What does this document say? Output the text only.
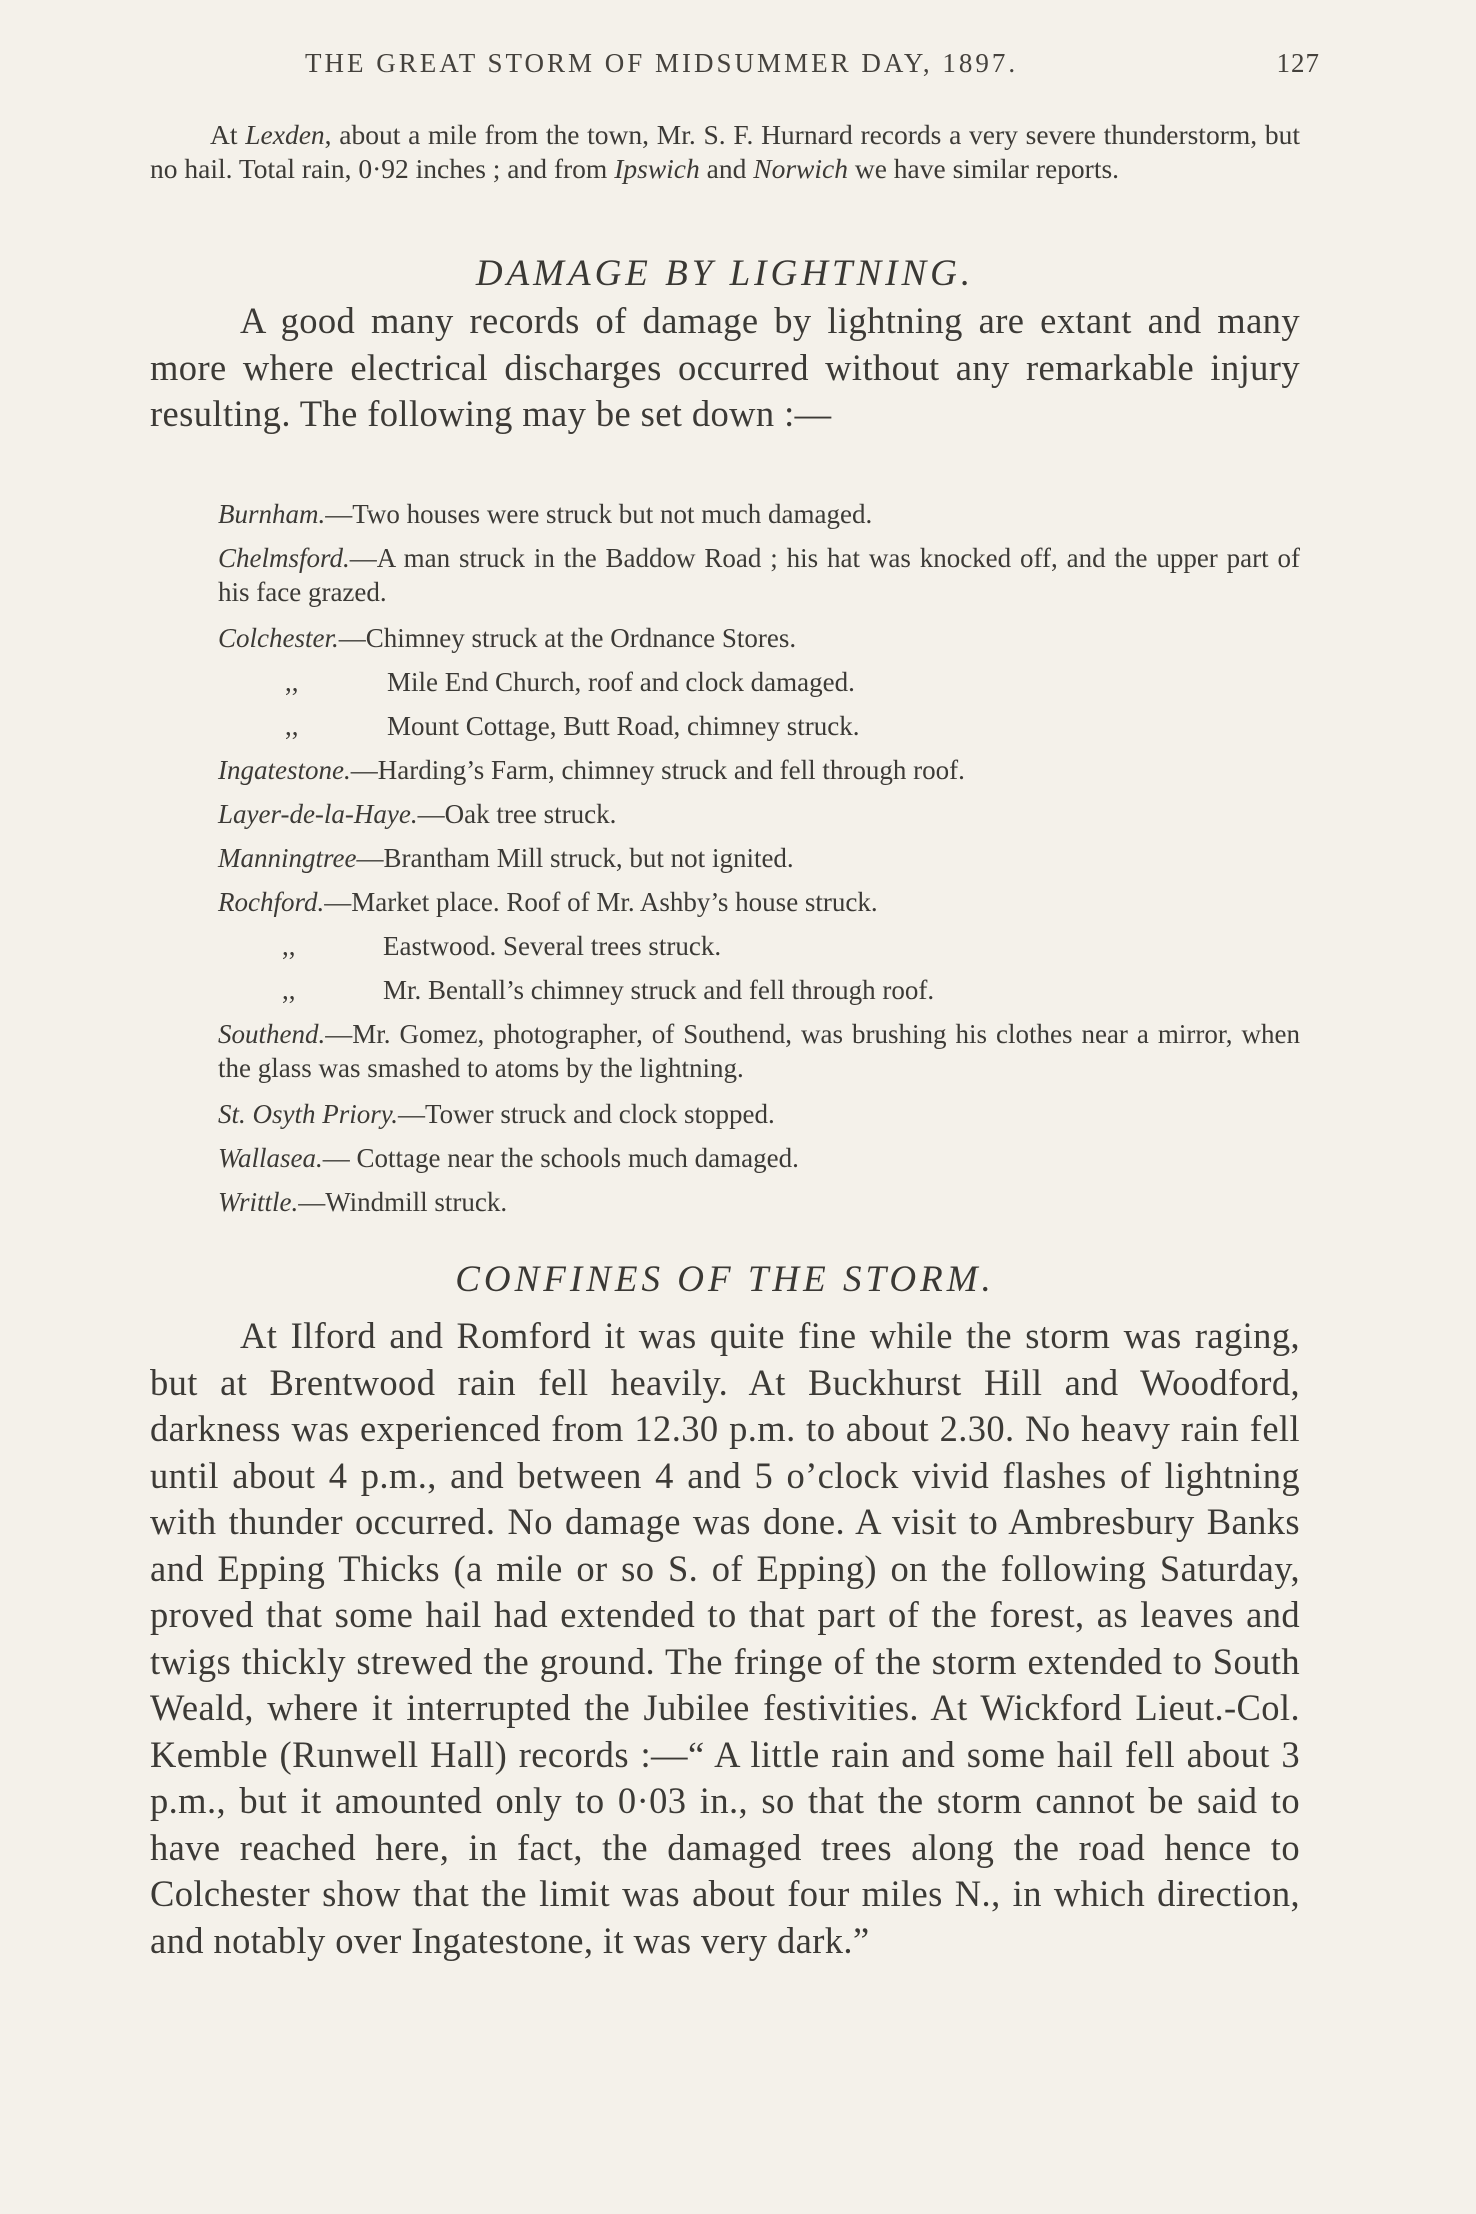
THE GREAT STORM OF MIDSUMMER DAY, 1897.	127

At Lexden, about a mile from the town, Mr. S. F. Hurnard records a very severe thunderstorm, but no hail. Total rain, 0·92 inches ; and from Ipswich and Norwich we have similar reports.

DAMAGE BY LIGHTNING.

A good many records of damage by lightning are extant and many more where electrical discharges occurred without any remarkable injury resulting. The following may be set down :—

Burnham.—Two houses were struck but not much damaged.
Chelmsford.—A man struck in the Baddow Road ; his hat was knocked off, and the upper part of his face grazed.
Colchester.—Chimney struck at the Ordnance Stores.
,,	Mile End Church, roof and clock damaged.
,,	Mount Cottage, Butt Road, chimney struck.
Ingatestone.—Harding’s Farm, chimney struck and fell through roof.
Layer-de-la-Haye.—Oak tree struck.
Manningtree—Brantham Mill struck, but not ignited.
Rochford.—Market place. Roof of Mr. Ashby’s house struck.
,,	Eastwood. Several trees struck.
,,	Mr. Bentall’s chimney struck and fell through roof.
Southend.—Mr. Gomez, photographer, of Southend, was brushing his clothes near a mirror, when the glass was smashed to atoms by the lightning.
St. Osyth Priory.—Tower struck and clock stopped.
Wallasea.— Cottage near the schools much damaged.
Writtle.—Windmill struck.
CONFINES OF THE STORM.

At Ilford and Romford it was quite fine while the storm was raging, but at Brentwood rain fell heavily. At Buckhurst Hill and Woodford, darkness was experienced from 12.30 p.m. to about 2.30. No heavy rain fell until about 4 p.m., and between 4 and 5 o’clock vivid flashes of lightning with thunder occurred. No damage was done. A visit to Ambresbury Banks and Epping Thicks (a mile or so S. of Epping) on the following Saturday, proved that some hail had extended to that part of the forest, as leaves and twigs thickly strewed the ground. The fringe of the storm extended to South Weald, where it interrupted the Jubilee festivities. At Wickford Lieut.-Col. Kemble (Runwell Hall) records :—“ A little rain and some hail fell about 3 p.m., but it amounted only to 0·03 in., so that the storm cannot be said to have reached here, in fact, the damaged trees along the road hence to Colchester show that the limit was about four miles N., in which direction, and notably over Ingatestone, it was very dark.”
